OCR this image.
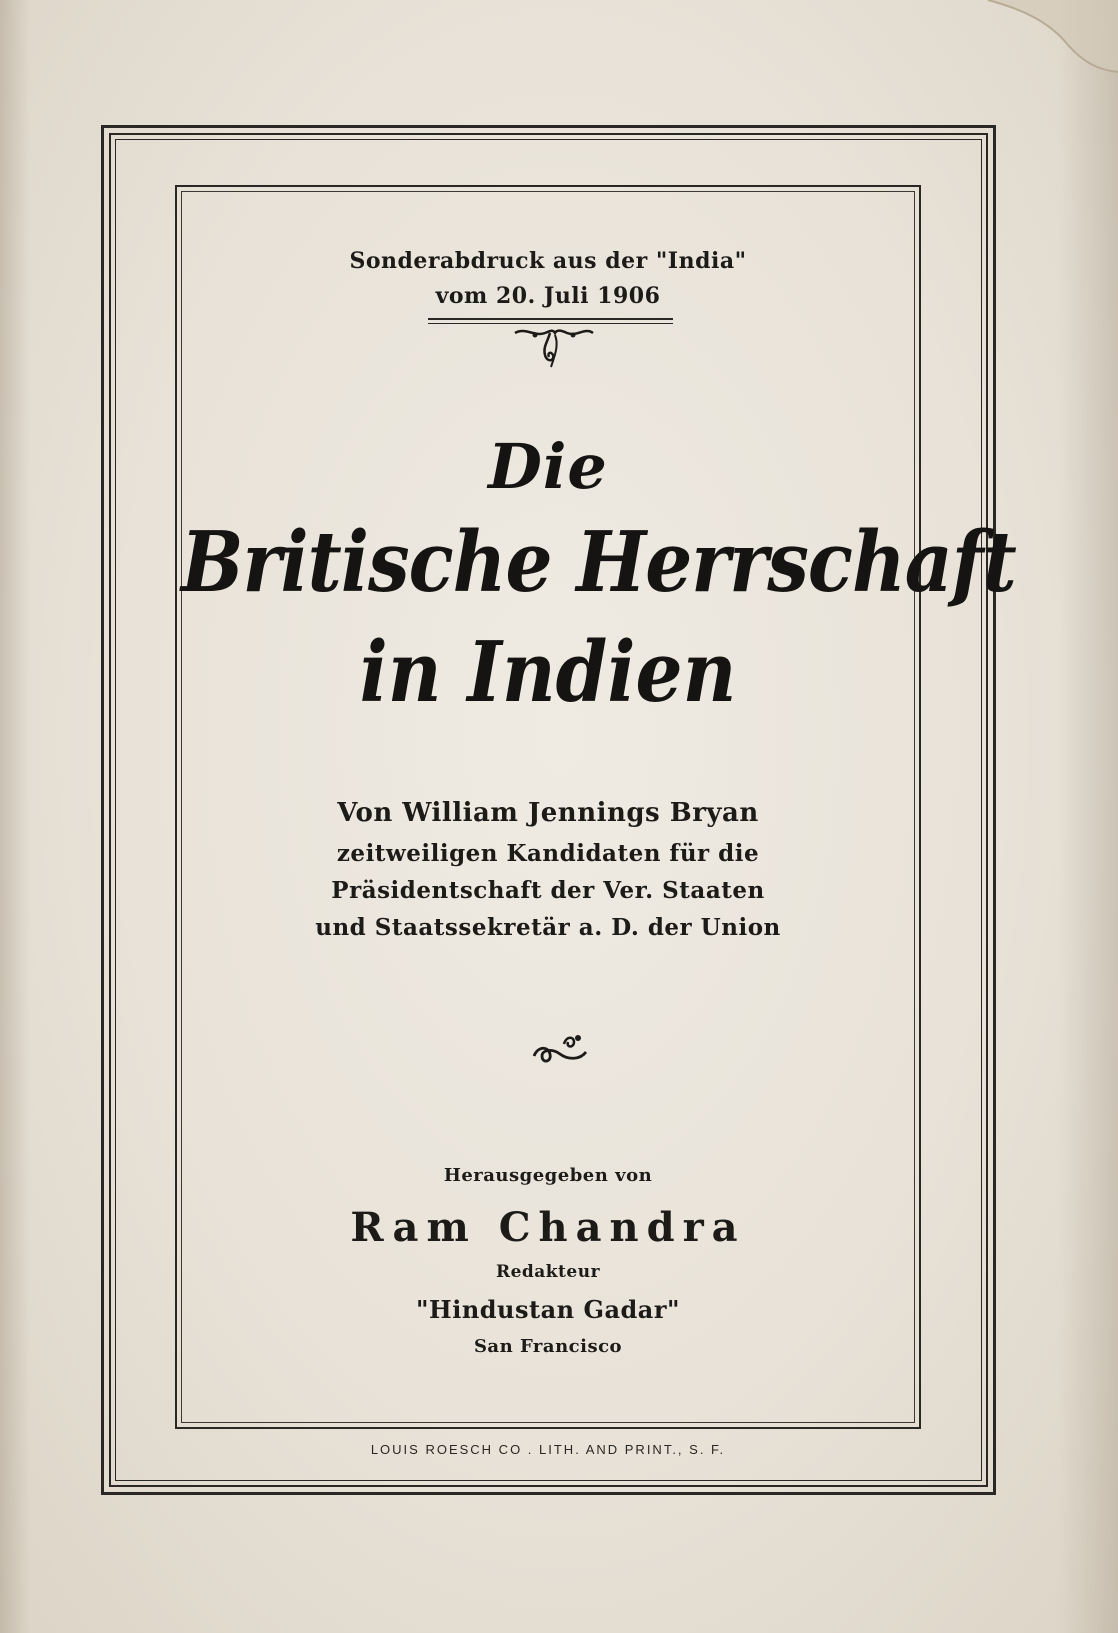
Sonderabdruck aus der "India"
vom 20. Juli 1906
Die
Britische Herrschaft
in Indien
Von William Jennings Bryan
zeitweiligen Kandidaten für die
Präsidentschaft der Ver. Staaten
und Staatssekretär a. D. der Union
Herausgegeben von
Ram Chandra
Redakteur
"Hindustan Gadar"
San Francisco
LOUIS ROESCH CO . LITH. AND PRINT., S. F.
